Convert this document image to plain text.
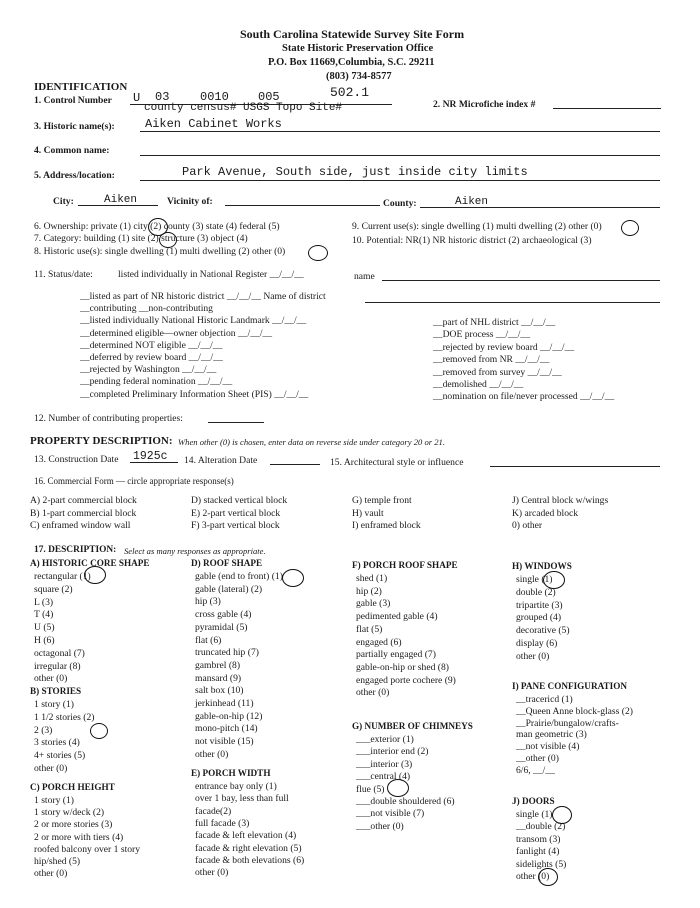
South Carolina Statewide Survey Site Form
State Historic Preservation Office
P.O. Box 11669,Columbia, S.C. 29211
(803) 734-8577
IDENTIFICATION
1. Control Number U 03	0010 005	502.1
county census# USGS Topo Site#	2. NR Microfiche index #
3. Historic name(s):	Aiken Cabinet Works
4. Common name:
5. Address/location:	Park Avenue, South side, just inside city limits
City:	Aiken	Vicinity of:	County:	Aiken
6. Ownership: private (1) city (2) county (3) state (4) federal (5)
7. Category: building (1) site (2) structure (3) object (4)
8. Historic use(s): single dwelling (1) multi dwelling (2) other (0)
9. Current use(s): single dwelling (1) multi dwelling (2) other (0)
10. Potential: NR(1) NR historic district (2) archaeological (3)
11. Status/date:	listed individually in National Register __/__/__	name
__listed as part of NR historic district __/__/__ Name of district
__contributing __non-contributing
__listed individually National Historic Landmark __/__/__
__determined eligible—owner objection __/__/__
__determined NOT eligible __/__/__
__deferred by review board __/__/__
__rejected by Washington __/__/__
__pending federal nomination __/__/__
__completed Preliminary Information Sheet (PIS) __/__/__
__part of NHL district __/__/__
__DOE process __/__/__
__rejected by review board __/__/__
__removed from NR __/__/__
__removed from survey __/__/__
__demolished __/__/__
__nomination on file/never processed __/__/__
12. Number of contributing properties:
PROPERTY DESCRIPTION: When other (0) is chosen, enter data on reverse side under category 20 or 21.
13. Construction Date 1925c 14. Alteration Date	15. Architectural style or influence
16. Commercial Form — circle appropriate response(s)
A) 2-part commercial block
B) 1-part commercial block
C) enframed window wall
D) stacked vertical block
E) 2-part vertical block
F) 3-part vertical block
G) temple front
H) vault
I) enframed block
J) Central block w/wings
K) arcaded block
0) other
17. DESCRIPTION: Select as many responses as appropriate.
A) HISTORIC CORE SHAPE
rectangular (1)
square (2)
L (3)
T (4)
U (5)
H (6)
octagonal (7)
irregular (8)
other (0)
B) STORIES
1 story (1)
1 1/2 stories (2)
2 (3)
3 stories (4)
4+ stories (5)
other (0)
C) PORCH HEIGHT
1 story (1)
1 story w/deck (2)
2 or more stories (3)
2 or more with tiers (4)
roofed balcony over 1 story
hip/shed (5)
other (0)
D) ROOF SHAPE
gable (end to front) (1)
gable (lateral) (2)
hip (3)
cross gable (4)
pyramidal (5)
flat (6)
truncated hip (7)
gambrel (8)
mansard (9)
salt box (10)
jerkinhead (11)
gable-on-hip (12)
mono-pitch (14)
not visible (15)
other (0)
E) PORCH WIDTH
entrance bay only (1)
over 1 bay, less than full
facade(2)
full facade (3)
facade & left elevation (4)
facade & right elevation (5)
facade & both elevations (6)
other (0)
F) PORCH ROOF SHAPE
shed (1)
hip (2)
gable (3)
pedimented gable (4)
flat (5)
engaged (6)
partially engaged (7)
gable-on-hip or shed (8)
engaged porte cochere (9)
other (0)
G) NUMBER OF CHIMNEYS
___exterior (1)
___interior end (2)
___interior (3)
___central (4)
flue (5)
___double shouldered (6)
___not visible (7)
___other (0)
H) WINDOWS
single (1)
double (2)
tripartite (3)
grouped (4)
decorative (5)
display (6)
other (0)
I) PANE CONFIGURATION
__tracericd (1)
__Queen Anne block-glass (2)
__Prairie/bungalow/crafts-
man geometric (3)
__not visible (4)
__other (0)
6/6, __/__
J) DOORS
single (1)
__double (2)
transom (3)
fanlight (4)
sidelights (5)
other (0)
